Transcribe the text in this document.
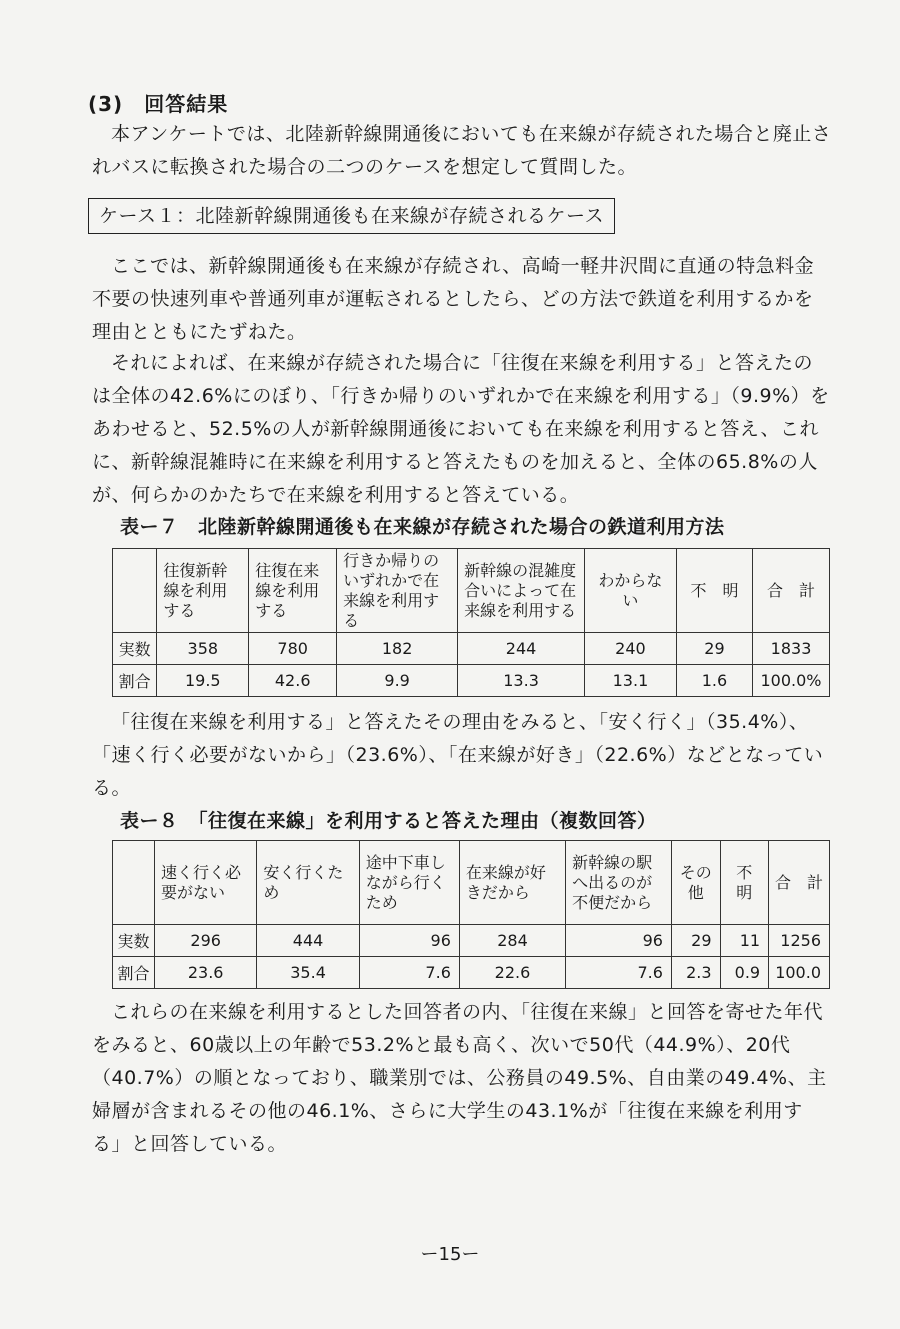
(3)　回答結果
本アンケートでは、北陸新幹線開通後においても在来線が存続された場合と廃止されバスに転換された場合の二つのケースを想定して質問した。
ケース１：北陸新幹線開通後も在来線が存続されるケース
ここでは、新幹線開通後も在来線が存続され、高崎一軽井沢間に直通の特急料金不要の快速列車や普通列車が運転されるとしたら、どの方法で鉄道を利用するかを理由とともにたずねた。
それによれば、在来線が存続された場合に「往復在来線を利用する」と答えたのは全体の42.6%にのぼり、「行きか帰りのいずれかで在来線を利用する」（9.9%）をあわせると、52.5%の人が新幹線開通後においても在来線を利用すると答え、これに、新幹線混雑時に在来線を利用すると答えたものを加えると、全体の65.8%の人が、何らかのかたちで在来線を利用すると答えている。
表ー７　北陸新幹線開通後も在来線が存続された場合の鉄道利用方法
	往復新幹線を利用する	往復在来線を利用する	行きか帰りのいずれかで在来線を利用する	新幹線の混雑度合いによって在来線を利用する	わからない	不　明	合　計
実数	358	780	182	244	240	29	1833
割合	19.5	42.6	9.9	13.3	13.1	1.6	100.0%
「往復在来線を利用する」と答えたその理由をみると、「安く行く」（35.4%）、「速く行く必要がないから」（23.6%）、「在来線が好き」（22.6%）などとなっている。
表ー８　「往復在来線」を利用すると答えた理由（複数回答）
	速く行く必要がない	安く行くため	途中下車しながら行くため	在来線が好きだから	新幹線の駅へ出るのが不便だから	その他	不　明	合　計
実数	296	444	96	284	96	29	11	1256
割合	23.6	35.4	7.6	22.6	7.6	2.3	0.9	100.0
これらの在来線を利用するとした回答者の内、「往復在来線」と回答を寄せた年代をみると、60歳以上の年齢で53.2%と最も高く、次いで50代（44.9%）、20代（40.7%）の順となっており、職業別では、公務員の49.5%、自由業の49.4%、主婦層が含まれるその他の46.1%、さらに大学生の43.1%が「往復在来線を利用する」と回答している。
ー15ー
